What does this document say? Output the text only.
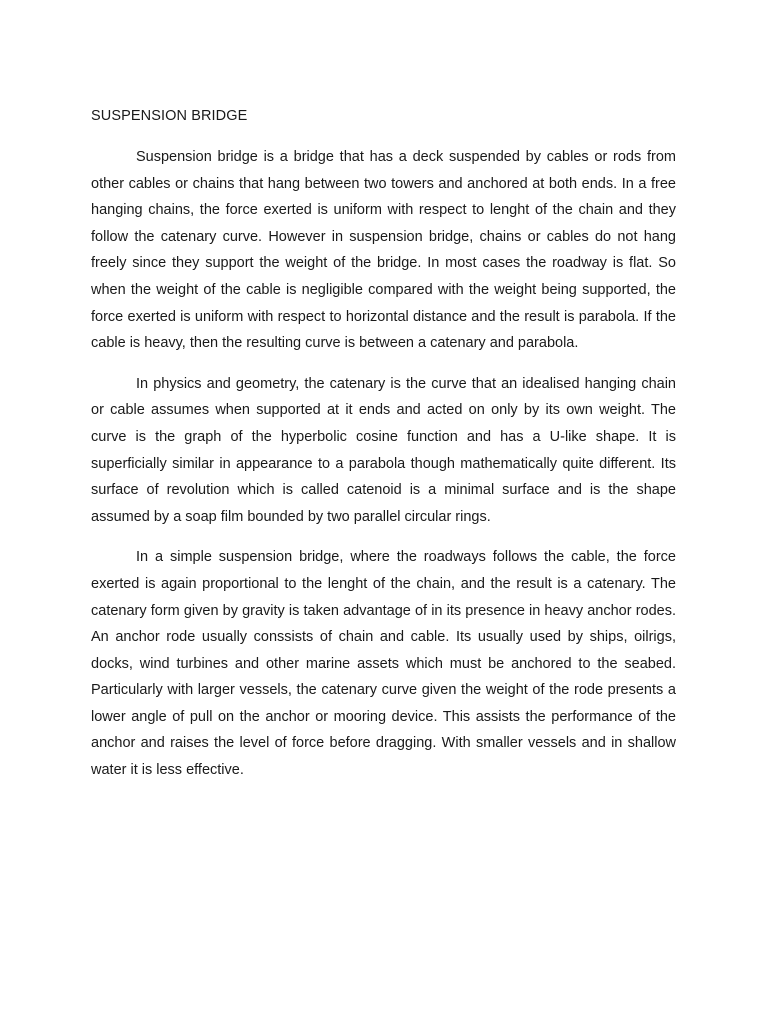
SUSPENSION BRIDGE

Suspension bridge is a bridge that has a deck suspended by cables or rods from other cables or chains that hang between two towers and anchored at both ends. In a free hanging chains, the force exerted is uniform with respect to lenght of the chain and they follow the catenary curve. However in suspension bridge, chains or cables do not hang freely since they support the weight of the bridge. In most cases the roadway is flat. So when the weight of the cable is negligible compared with the weight being supported, the force exerted is uniform with respect to horizontal distance and the result is parabola. If the cable is heavy, then the resulting curve is between a catenary and parabola.

In physics and geometry, the catenary is the curve that an idealised hanging chain or cable assumes when supported at it ends and acted on only by its own weight. The curve is the graph of the hyperbolic cosine function and has a U-like shape. It is superficially similar in appearance to a parabola though mathematically quite different. Its surface of revolution which is called catenoid is a minimal surface and is the shape assumed by a soap film bounded by two parallel circular rings.

In a simple suspension bridge, where the roadways follows the cable, the force exerted is again proportional to the lenght of the chain, and the result is a catenary. The catenary form given by gravity is taken advantage of in its presence in heavy anchor rodes. An anchor rode usually conssists of chain and cable. Its usually used by ships, oilrigs, docks, wind turbines and other marine assets which must be anchored to the seabed. Particularly with larger vessels, the catenary curve given the weight of the rode presents a lower angle of pull on the anchor or mooring device. This assists the performance of the anchor and raises the level of force before dragging. With smaller vessels and in shallow water it is less effective.
